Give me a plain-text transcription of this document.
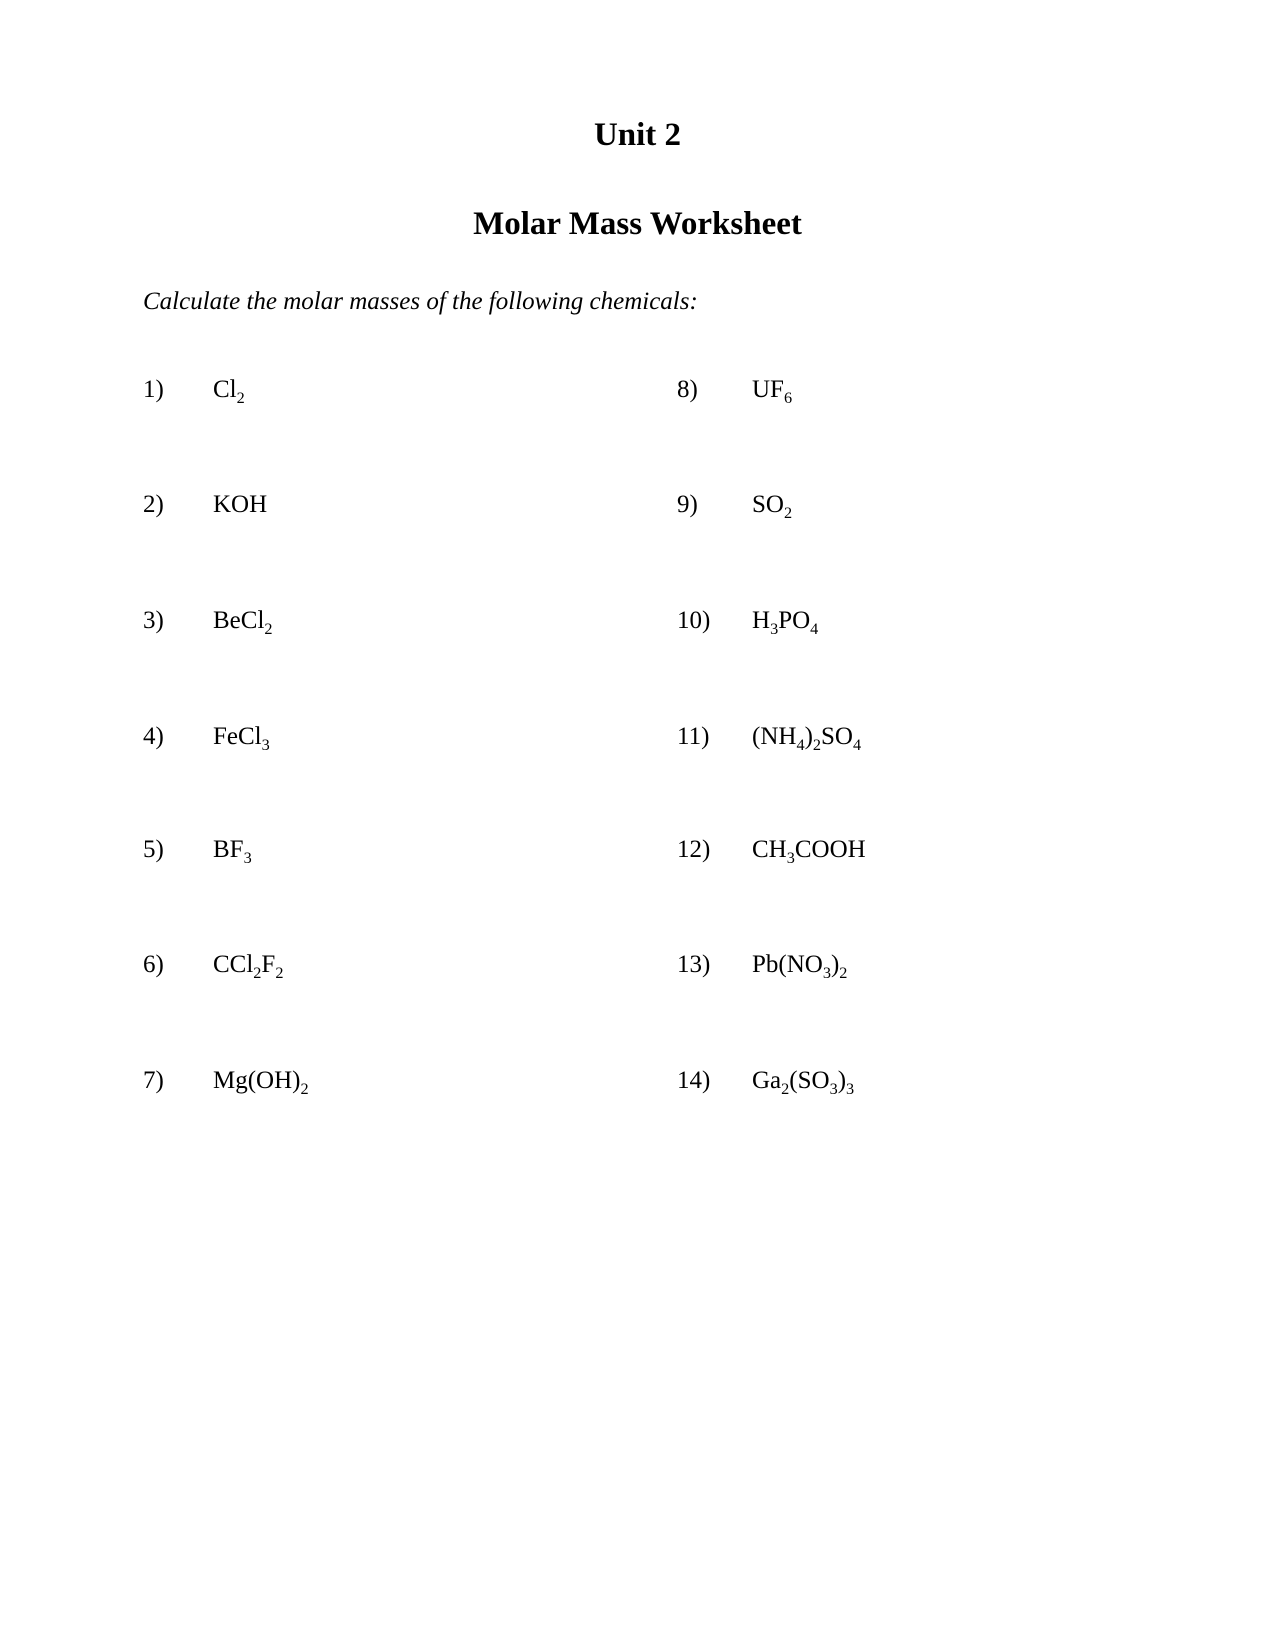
Unit 2
Molar Mass Worksheet
Calculate the molar masses of the following chemicals:
1)	$Cl_2$
2)	KOH
3)	BeCl$_2$
4)	FeCl$_3$
5)	$BF_3$
6)	$CCl_2F_2$
7)	$Mg(OH)_2$
8)	$UF_6$
9)	$SO_2$
10)	$H_3PO_4$
11)	$(NH_4)_2SO_4$
12)	$CH_3COOH$
13)	$Pb(NO_3)_2$
14)	$Ga_2(SO_3)_3$
